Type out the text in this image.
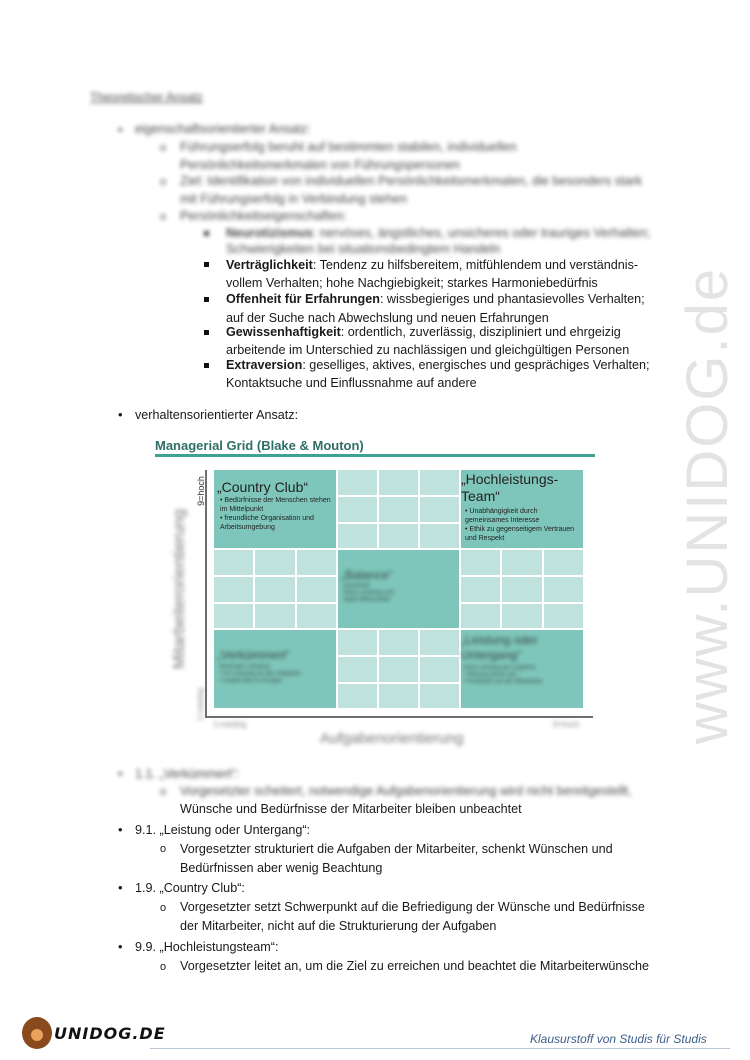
www.UNIDOG.de
Theoretischer Ansatz
• eigenschaftsorientierter Ansatz:
o Führungserfolg beruht auf bestimmten stabilen, individuellen
Persönlichkeitsmerkmalen von Führungspersonen
o Ziel: Identifikation von individuellen Persönlichkeitsmerkmalen, die besonders stark
mit Führungserfolg in Verbindung stehen
o Persönlichkeitseigenschaften:
Neurotizismus: nervöses, ängstliches, unsicheres oder trauriges Verhalten;
Schwierigkeiten bei situationsbedingtem Handeln
Verträglichkeit: Tendenz zu hilfsbereitem, mitfühlendem und verständnis-
vollem Verhalten; hohe Nachgiebigkeit; starkes Harmoniebedürfnis
Offenheit für Erfahrungen: wissbegieriges und phantasievolles Verhalten;
auf der Suche nach Abwechslung und neuen Erfahrungen
Gewissenhaftigkeit: ordentlich, zuverlässig, diszipliniert und ehrgeizig
arbeitende im Unterschied zu nachlässigen und gleichgültigen Personen
Extraversion: geselliges, aktives, energisches und gesprächiges Verhalten;
Kontaktsuche und Einflussnahme auf andere
• verhaltensorientierter Ansatz:
Managerial Grid (Blake & Mouton)
„Country Club“
• Bedürfnisse der Menschen stehen
im Mittelpunkt
• freundliche Organisation und
Arbeitsumgebung
„Hochleistungs-
Team“
• Unabhängigkeit durch
gemeinsames Interesse
• Ethik zu gegenseitigem Vertrauen
und Respekt
„Balance“
Gleichheit
Team Leistung und
Spaß-Miteinander
„Verkümmert“
Minimaler Aufwand
• um Leistung an der Aufgaben
• Leadership ist Gruppe
„Leistung oder
Untergang“
Nicht Leistung als Ergebnis
• Wirkung durch aus
• Feedback auf die Mitarbeiter
Mitarbeiterorientierung
9=hoch
1=niedrig
1=niedrig	9=hoch
Aufgabenorientierung
• 1.1. „Verkümmert“:
o Vorgesetzter scheitert, notwendige Aufgabenorientierung wird nicht bereitgestellt,
Wünsche und Bedürfnisse der Mitarbeiter bleiben unbeachtet
• 9.1. „Leistung oder Untergang“:
o Vorgesetzter strukturiert die Aufgaben der Mitarbeiter, schenkt Wünschen und
Bedürfnissen aber wenig Beachtung
• 1.9. „Country Club“:
o Vorgesetzter setzt Schwerpunkt auf die Befriedigung der Wünsche und Bedürfnisse
der Mitarbeiter, nicht auf die Strukturierung der Aufgaben
• 9.9. „Hochleistungsteam“:
o Vorgesetzter leitet an, um die Ziel zu erreichen und beachtet die Mitarbeiterwünsche
UNIDOG.DE	Klausurstoff von Studis für Studis
